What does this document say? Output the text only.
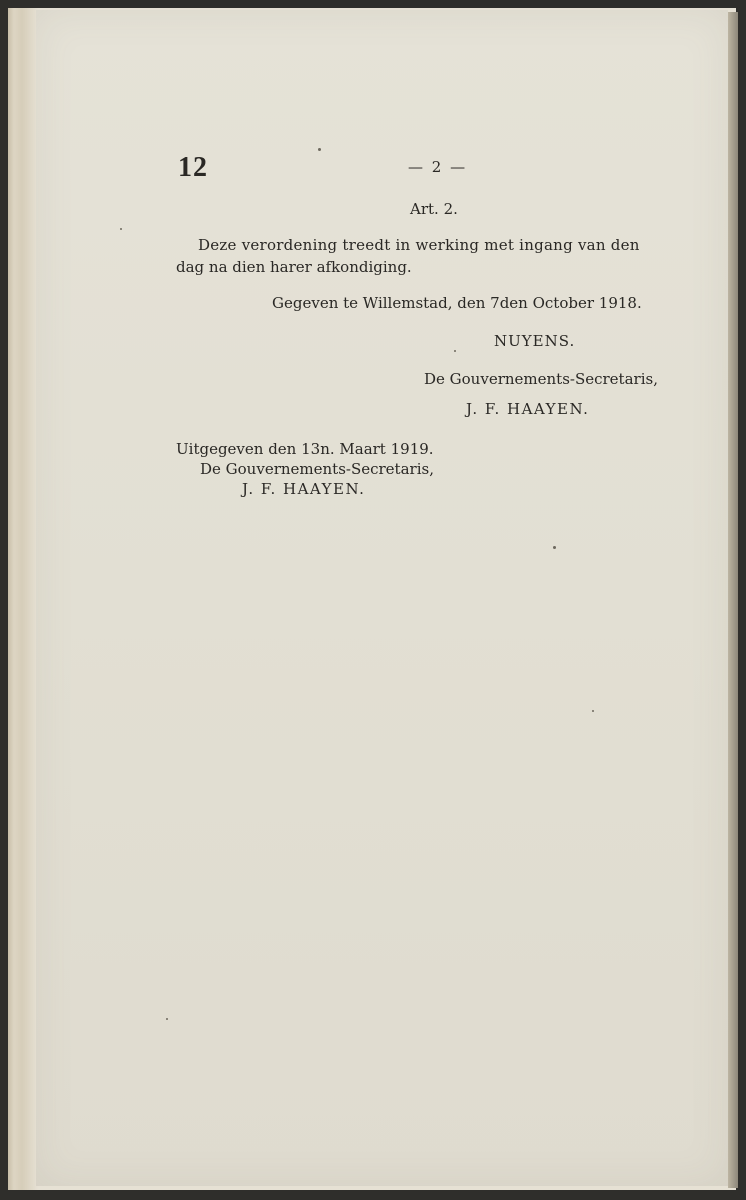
12	— 2 —
Art. 2.
Deze verordening treedt in werking met ingang van den
dag na dien harer afkondiging.
Gegeven te Willemstad, den 7den October 1918.
NUYENS.
De Gouvernements-Secretaris,
J. F. HAAYEN.
Uitgegeven den 13n. Maart 1919.
De Gouvernements-Secretaris,
J. F. HAAYEN.
